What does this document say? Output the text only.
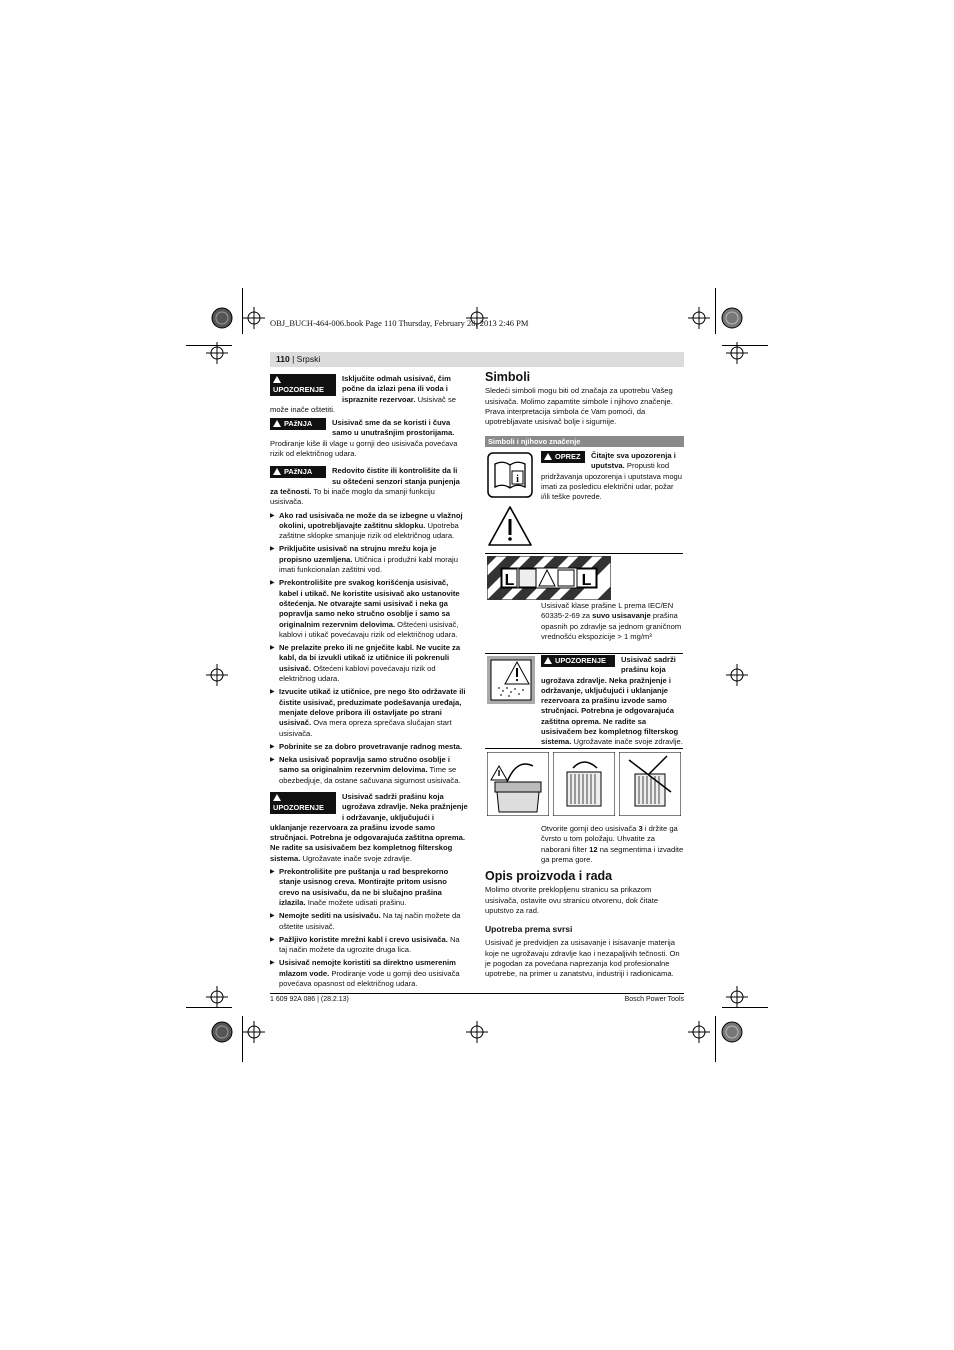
OBJ_BUCH-464-006.book Page 110 Thursday, February 28, 2013 2:46 PM
110 | Srpski

UPOZORENJE
Isključite odmah usisivač, čim počne da izlazi pena ili voda i ispraznite rezervoar. Usisivač se može inače oštetiti.

PAžNJA	Usisivač sme da se koristi i čuva samo u unutrašnjim prostorijama. Prodiranje kiše ili vlage u gornji deo usisivača povećava rizik od električnog udara.

PAžNJA	Redovito čistite ili kontrolišite da li su oštećeni senzori stanja punjenja za tečnosti. To bi inače moglo da smanji funkciju usisivača.

▶ Ako rad usisivača ne može da se izbegne u vlažnoj okolini, upotrebljavajte zaštitnu sklopku. Upotreba zaštitne sklopke smanjuje rizik od električnog udara.

▶ Priključite usisivač na strujnu mrežu koja je propisno uzemljena. Utičnica i produžni kabl moraju imati funkcionalan zaštitni vod.

▶ Prekontrolišite pre svakog korišćenja usisivač, kabel i utikač. Ne koristite usisivač ako ustanovite oštećenja. Ne otvarajte sami usisivač i neka ga popravlja samo neko stručno osoblje i samo sa originalnim rezervnim delovima. Oštećeni usisivač, kablovi i utikač povećavaju rizik od električnog udara.

▶ Ne prelazite preko ili ne gnječite kabl. Ne vucite za kabl, da bi izvukli utikač iz utičnice ili pokrenuli usisivač. Oštećeni kablovi povećavaju rizik od električnog udara.

▶ Izvucite utikač iz utičnice, pre nego što održavate ili čistite usisivač, preduzimate podešavanja uređaja, menjate delove pribora ili ostavljate po strani usisivač. Ova mera opreza sprečava slučajan start usisivača.

▶ Pobrinite se za dobro provetravanje radnog mesta.

▶ Neka usisivač popravlja samo stručno osoblje i samo sa originalnim rezervnim delovima. Time se obezbedjuje, da ostane sačuvana sigurnost usisivača.

UPOZORENJE
Usisivač sadrži prašinu koja ugrožava zdravlje. Neka pražnjenje i održavanje, uključujući i uklanjanje rezervoara za prašinu izvode samo stručnjaci. Potrebna je odgovarajuća zaštitna oprema. Ne radite sa usisivačem bez kompletnog filterskog sistema. Ugrožavate inače svoje zdravlje.

▶ Prekontrolišite pre puštanja u rad besprekorno stanje usisnog creva. Montirajte pritom usisno crevo na usisivaču, da ne bi slučajno prašina izlazila. Inače možete udisati prašinu.

▶ Nemojte sediti na usisivaču. Na taj način možete da oštetite usisivač.

▶ Pažljivo koristite mrežni kabl i crevo usisivača. Na taj način možete da ugrozite druga lica.

▶ Usisivač nemojte koristiti sa direktno usmerenim mlazom vode. Prodiranje vode u gornji deo usisivača povećava opasnost od električnog udara.

Simboli

Sledeći simboli mogu biti od značaja za upotrebu Vašeg usisivača. Molimo zapamtite simbole i njihovo značenje. Prava interpretacija simbola će Vam pomoći, da upotrebljavate usisivač bolje i sigurnije.

Simboli i njihovo značenje
i
OPREZ	Čitajte sva upozorenja i uputstva. Propusti kod pridržavanja upozorenja i uputstava mogu imati za posledicu električni udar, požar i/ili teške povrede.
L	L
Usisivač klase prašine L prema IEC/EN 60335-2-69 za suvo usisavanje prašina opasnih po zdravlje sa jednom graničnom vrednošću ekspozicije > 1 mg/m³
UPOZORENJE	Usisivač sadrži prašinu koja ugrožava zdravlje. Neka pražnjenje i održavanje, uključujući i uklanjanje rezervoara za prašinu izvode samo stručnjaci. Potrebna je odgovarajuća zaštitna oprema. Ne radite sa usisivačem bez kompletnog filterskog sistema. Ugrožavate inače svoje zdravlje.
Otvorite gornji deo usisivača 3 i držite ga čvrsto u tom položaju. Uhvatite za naborani filter 12 na segmentima i izvadite ga prema gore.
Opis proizvoda i rada

Molimo otvorite preklopljenu stranicu sa prikazom usisivača, ostavite ovu stranicu otvorenu, dok čitate uputstvo za rad.

Upotreba prema svrsi

Usisivač je predvidjen za usisavanje i isisavanje materija koje ne ugrožavaju zdravlje kao i nezapaljivih tečnosti. On je pogodan za povećana naprezanja kod profesionalne upotrebe, na primer u zanatstvu, industriji i radionicama.

1 609 92A 086 | (28.2.13)	Bosch Power Tools
